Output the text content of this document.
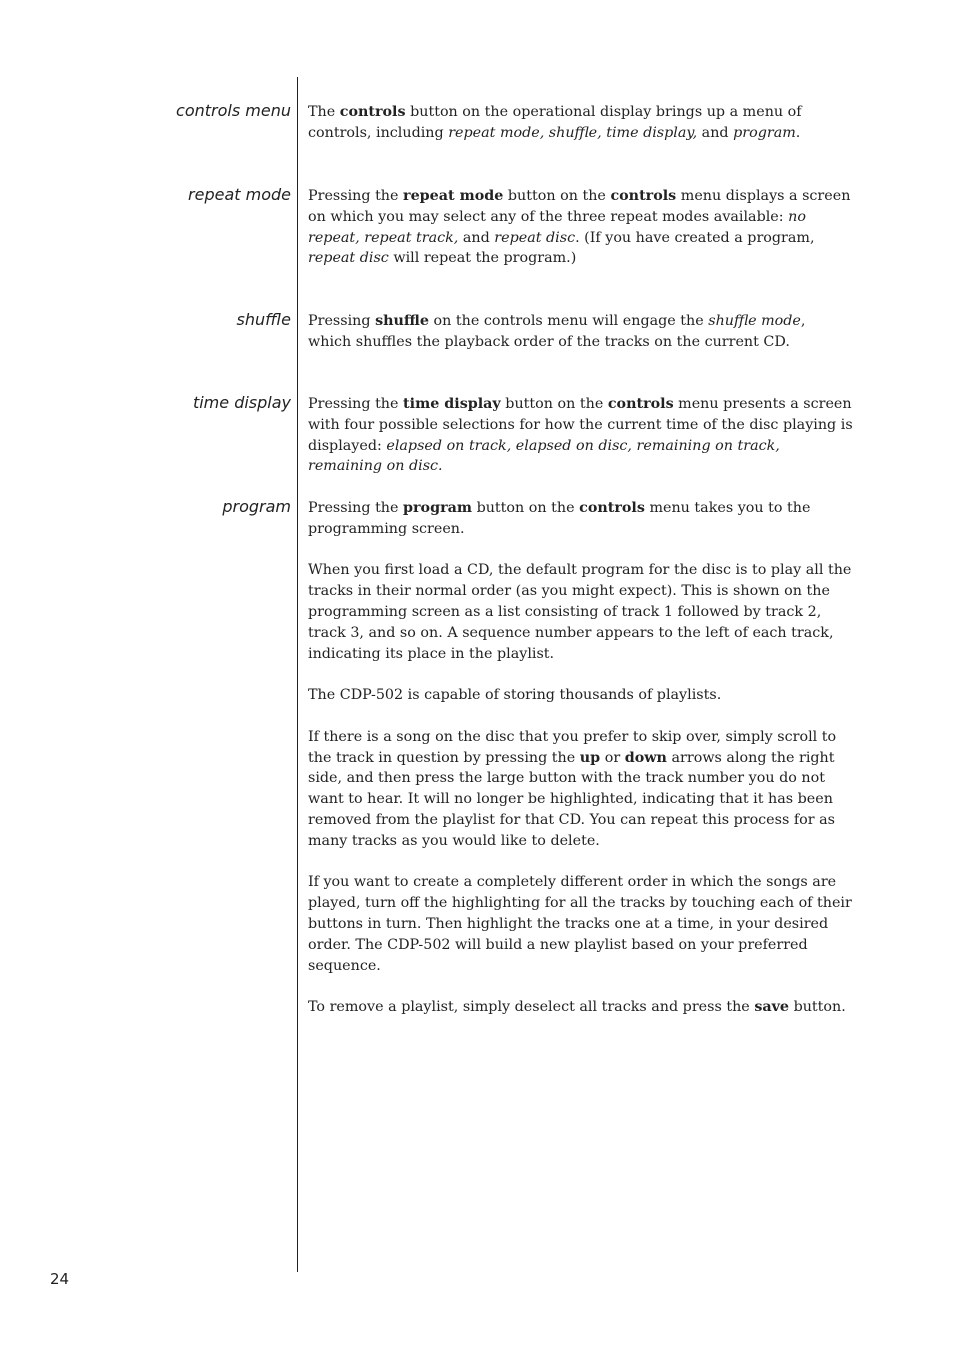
controls menu The controls button on the operational display brings up a menu of controls, including repeat mode, shuffle, time display, and program.

repeat mode Pressing the repeat mode button on the controls menu displays a screen on which you may select any of the three repeat modes available: no repeat, repeat track, and repeat disc. (If you have created a program, repeat disc will repeat the program.)

shuffle Pressing shuffle on the controls menu will engage the shuffle mode, which shuffles the playback order of the tracks on the current CD.

time display Pressing the time display button on the controls menu presents a screen with four possible selections for how the current time of the disc playing is displayed: elapsed on track, elapsed on disc, remaining on track, remaining on disc.

program Pressing the program button on the controls menu takes you to the programming screen.

When you first load a CD, the default program for the disc is to play all the tracks in their normal order (as you might expect). This is shown on the programming screen as a list consisting of track 1 followed by track 2, track 3, and so on. A sequence number appears to the left of each track, indicating its place in the playlist.

The CDP-502 is capable of storing thousands of playlists.

If there is a song on the disc that you prefer to skip over, simply scroll to the track in question by pressing the up or down arrows along the right side, and then press the large button with the track number you do not want to hear. It will no longer be highlighted, indicating that it has been removed from the playlist for that CD. You can repeat this process for as many tracks as you would like to delete.

If you want to create a completely different order in which the songs are played, turn off the highlighting for all the tracks by touching each of their buttons in turn. Then highlight the tracks one at a time, in your desired order. The CDP-502 will build a new playlist based on your preferred sequence.

To remove a playlist, simply deselect all tracks and press the save button.

24
